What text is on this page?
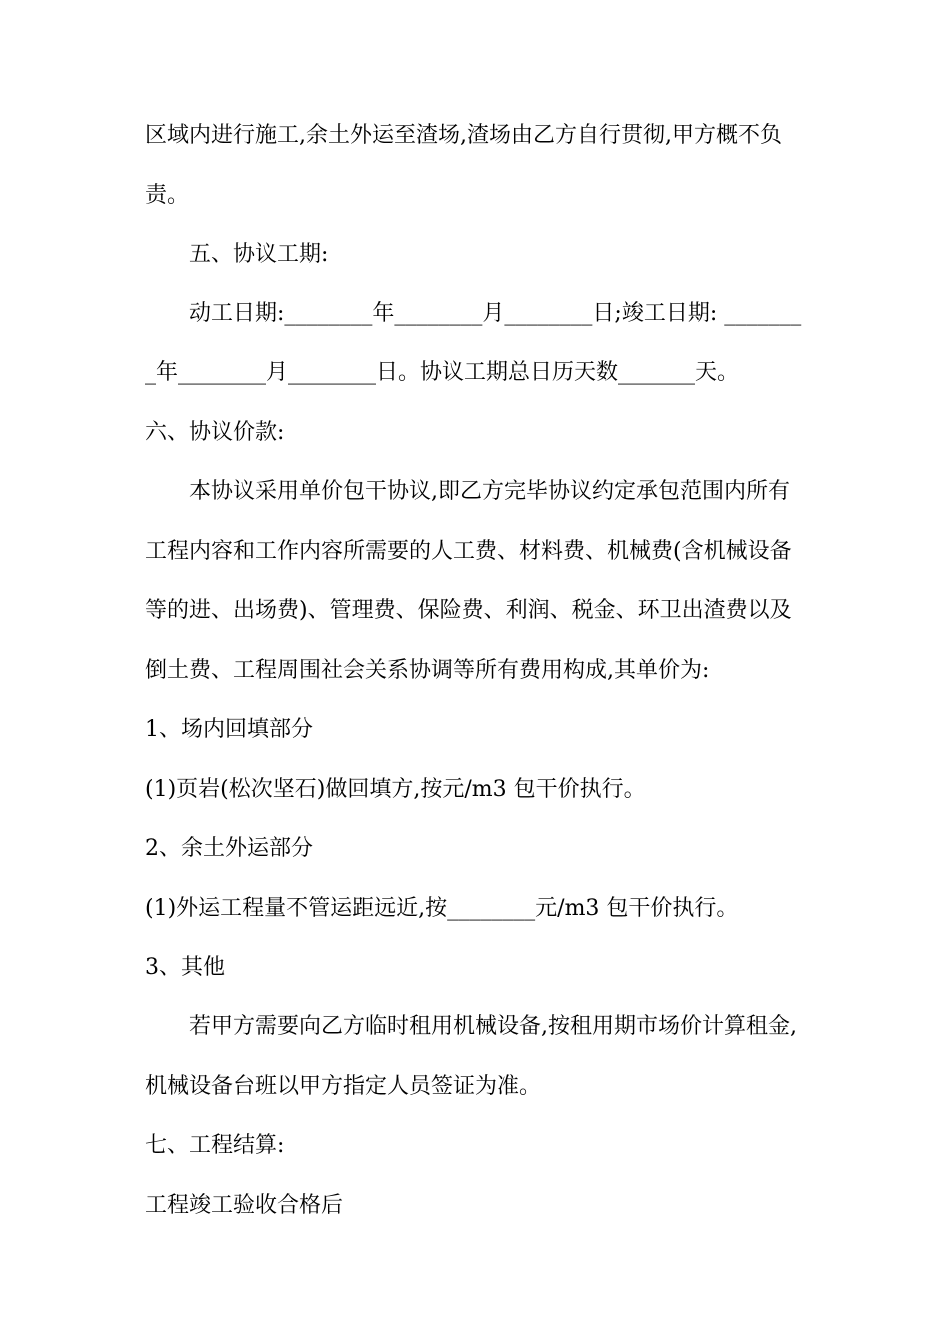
区域内进行施工,余土外运至渣场,渣场由乙方自行贯彻,甲方概不负
责。
五、协议工期:
动工日期:________年________月________日;竣工日期: _______
_年________月________日。协议工期总日历天数_______天。
六、协议价款:
本协议采用单价包干协议,即乙方完毕协议约定承包范围内所有
工程内容和工作内容所需要的人工费、材料费、机械费(含机械设备
等的进、出场费)、管理费、保险费、利润、税金、环卫出渣费以及
倒土费、工程周围社会关系协调等所有费用构成,其单价为:
1、场内回填部分
(1)页岩(松次坚石)做回填方,按元/m3 包干价执行。
2、余土外运部分
(1)外运工程量不管运距远近,按________元/m3 包干价执行。
3、其他
若甲方需要向乙方临时租用机械设备,按租用期市场价计算租金,
机械设备台班以甲方指定人员签证为准。
七、工程结算:
工程竣工验收合格后
